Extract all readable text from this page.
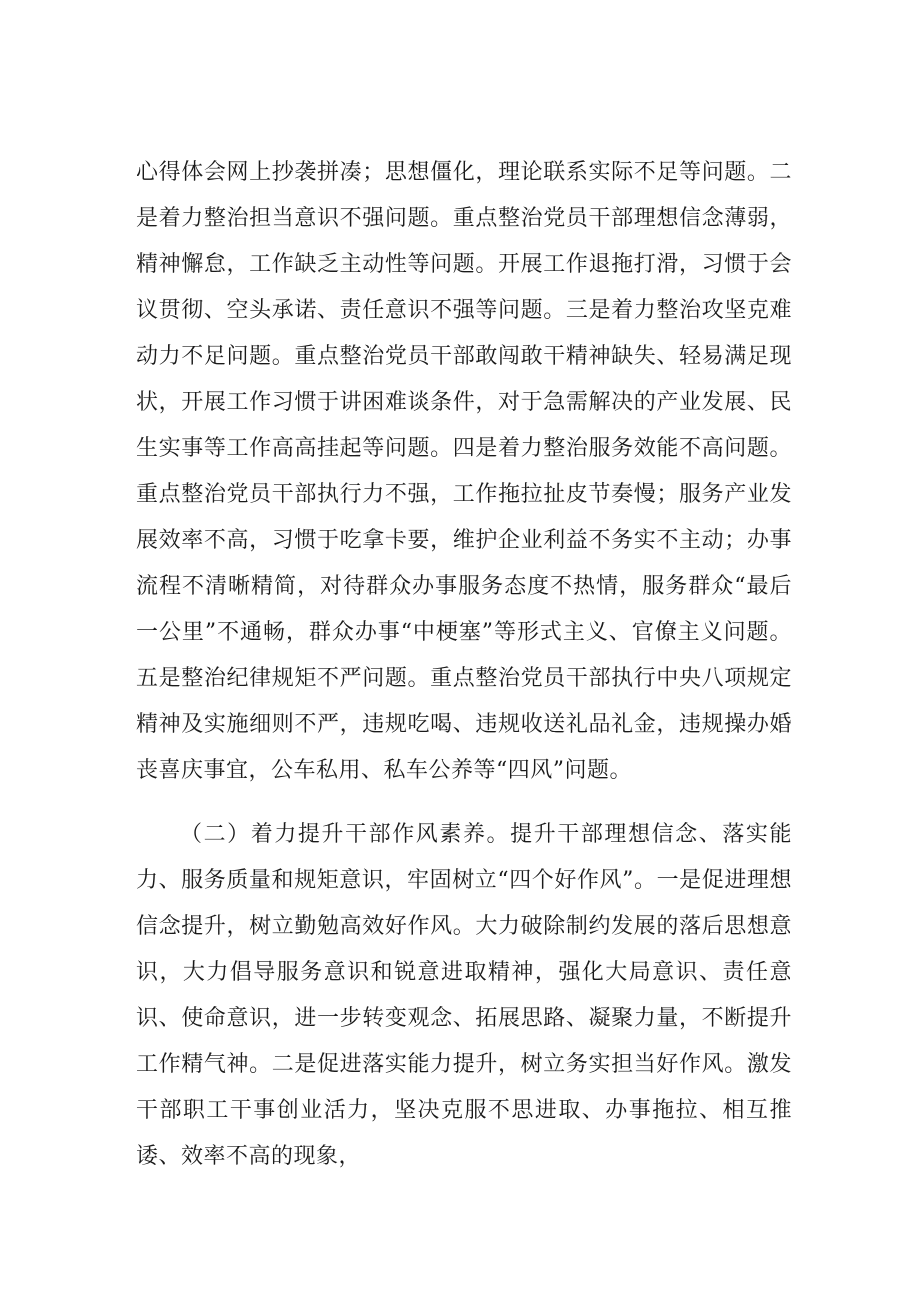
心得体会网上抄袭拼凑；思想僵化，理论联系实际不足等问题。二是着力整治担当意识不强问题。重点整治党员干部理想信念薄弱，精神懈怠，工作缺乏主动性等问题。开展工作退拖打滑，习惯于会议贯彻、空头承诺、责任意识不强等问题。三是着力整治攻坚克难动力不足问题。重点整治党员干部敢闯敢干精神缺失、轻易满足现状，开展工作习惯于讲困难谈条件，对于急需解决的产业发展、民生实事等工作高高挂起等问题。四是着力整治服务效能不高问题。重点整治党员干部执行力不强，工作拖拉扯皮节奏慢；服务产业发展效率不高，习惯于吃拿卡要，维护企业利益不务实不主动；办事流程不清晰精简，对待群众办事服务态度不热情，服务群众“最后一公里”不通畅，群众办事“中梗塞”等形式主义、官僚主义问题。五是整治纪律规矩不严问题。重点整治党员干部执行中央八项规定精神及实施细则不严，违规吃喝、违规收送礼品礼金，违规操办婚丧喜庆事宜，公车私用、私车公养等“四风”问题。

（二）着力提升干部作风素养。提升干部理想信念、落实能力、服务质量和规矩意识，牢固树立“四个好作风”。一是促进理想信念提升，树立勤勉高效好作风。大力破除制约发展的落后思想意识，大力倡导服务意识和锐意进取精神，强化大局意识、责任意识、使命意识，进一步转变观念、拓展思路、凝聚力量，不断提升工作精气神。二是促进落实能力提升，树立务实担当好作风。激发干部职工干事创业活力，坚决克服不思进取、办事拖拉、相互推诿、效率不高的现象，
